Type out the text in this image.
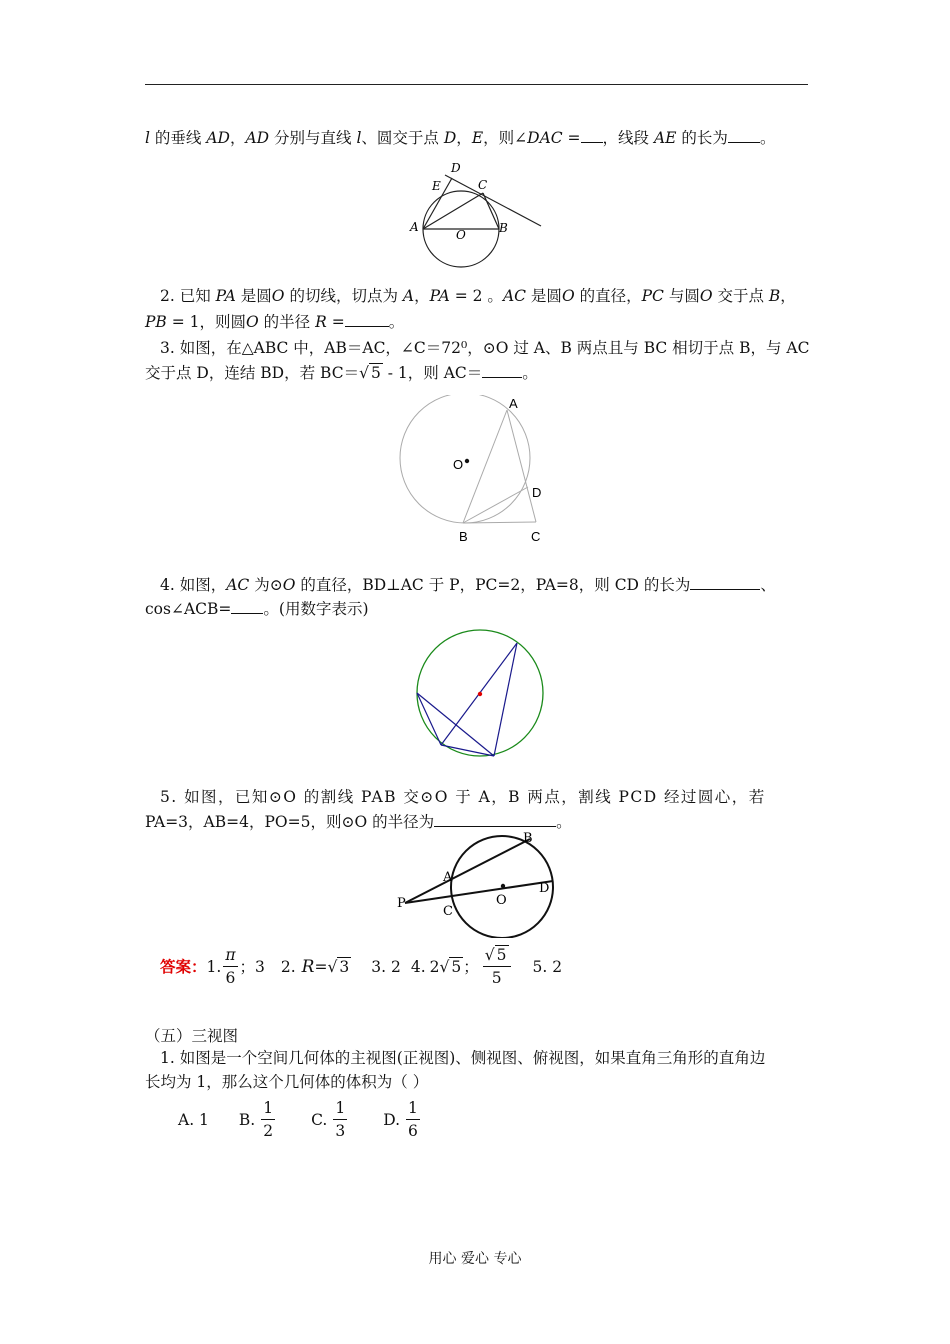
l 的垂线 AD，AD 分别与直线 l、圆交于点 D，E，则∠DAC = ，线段 AE 的长为 。
D
E	C
A
O	B
2. 已知 PA 是圆O 的切线，切点为 A，PA = 2 。AC 是圆O 的直径，PC 与圆O 交于点 B，
PB = 1，则圆O 的半径 R =	。
3. 如图，在△ABC 中，AB＝AC，∠C＝72⁰，⊙O 过 A、B 两点且与 BC 相切于点 B，与 AC
交于点 D，连结 BD，若 BC＝√ 5 - 1，则 AC＝	。
A
O
D
B	C
4. 如图，AC 为⊙O 的直径，BD⊥AC 于 P，PC=2，PA=8，则 CD 的长为	、
cos∠ACB= 。(用数字表示)
5. 如图，已知⊙O 的割线 PAB 交⊙O 于 A，B 两点，割线 PCD 经过圆心，若
PA=3，AB=4，PO=5，则⊙O 的半径为	。
P
A
B
C
O
D
答案： 1. $\frac{\pi}{6}$ ；3 2. R = √ 3 3. 2 4. 2 √ 5 ； $\frac{√ 5}{5} 5$. 2
（五）三视图
1. 如图是一个空间几何体的主视图(正视图)、侧视图、俯视图，如果直角三角形的直角边
长均为 1，那么这个几何体的体积为（ ）
A. 1 B. $\frac{1}{2} C$. $\frac{1}{3} D$. $\frac{1}{6}$
用心 爱心 专心
